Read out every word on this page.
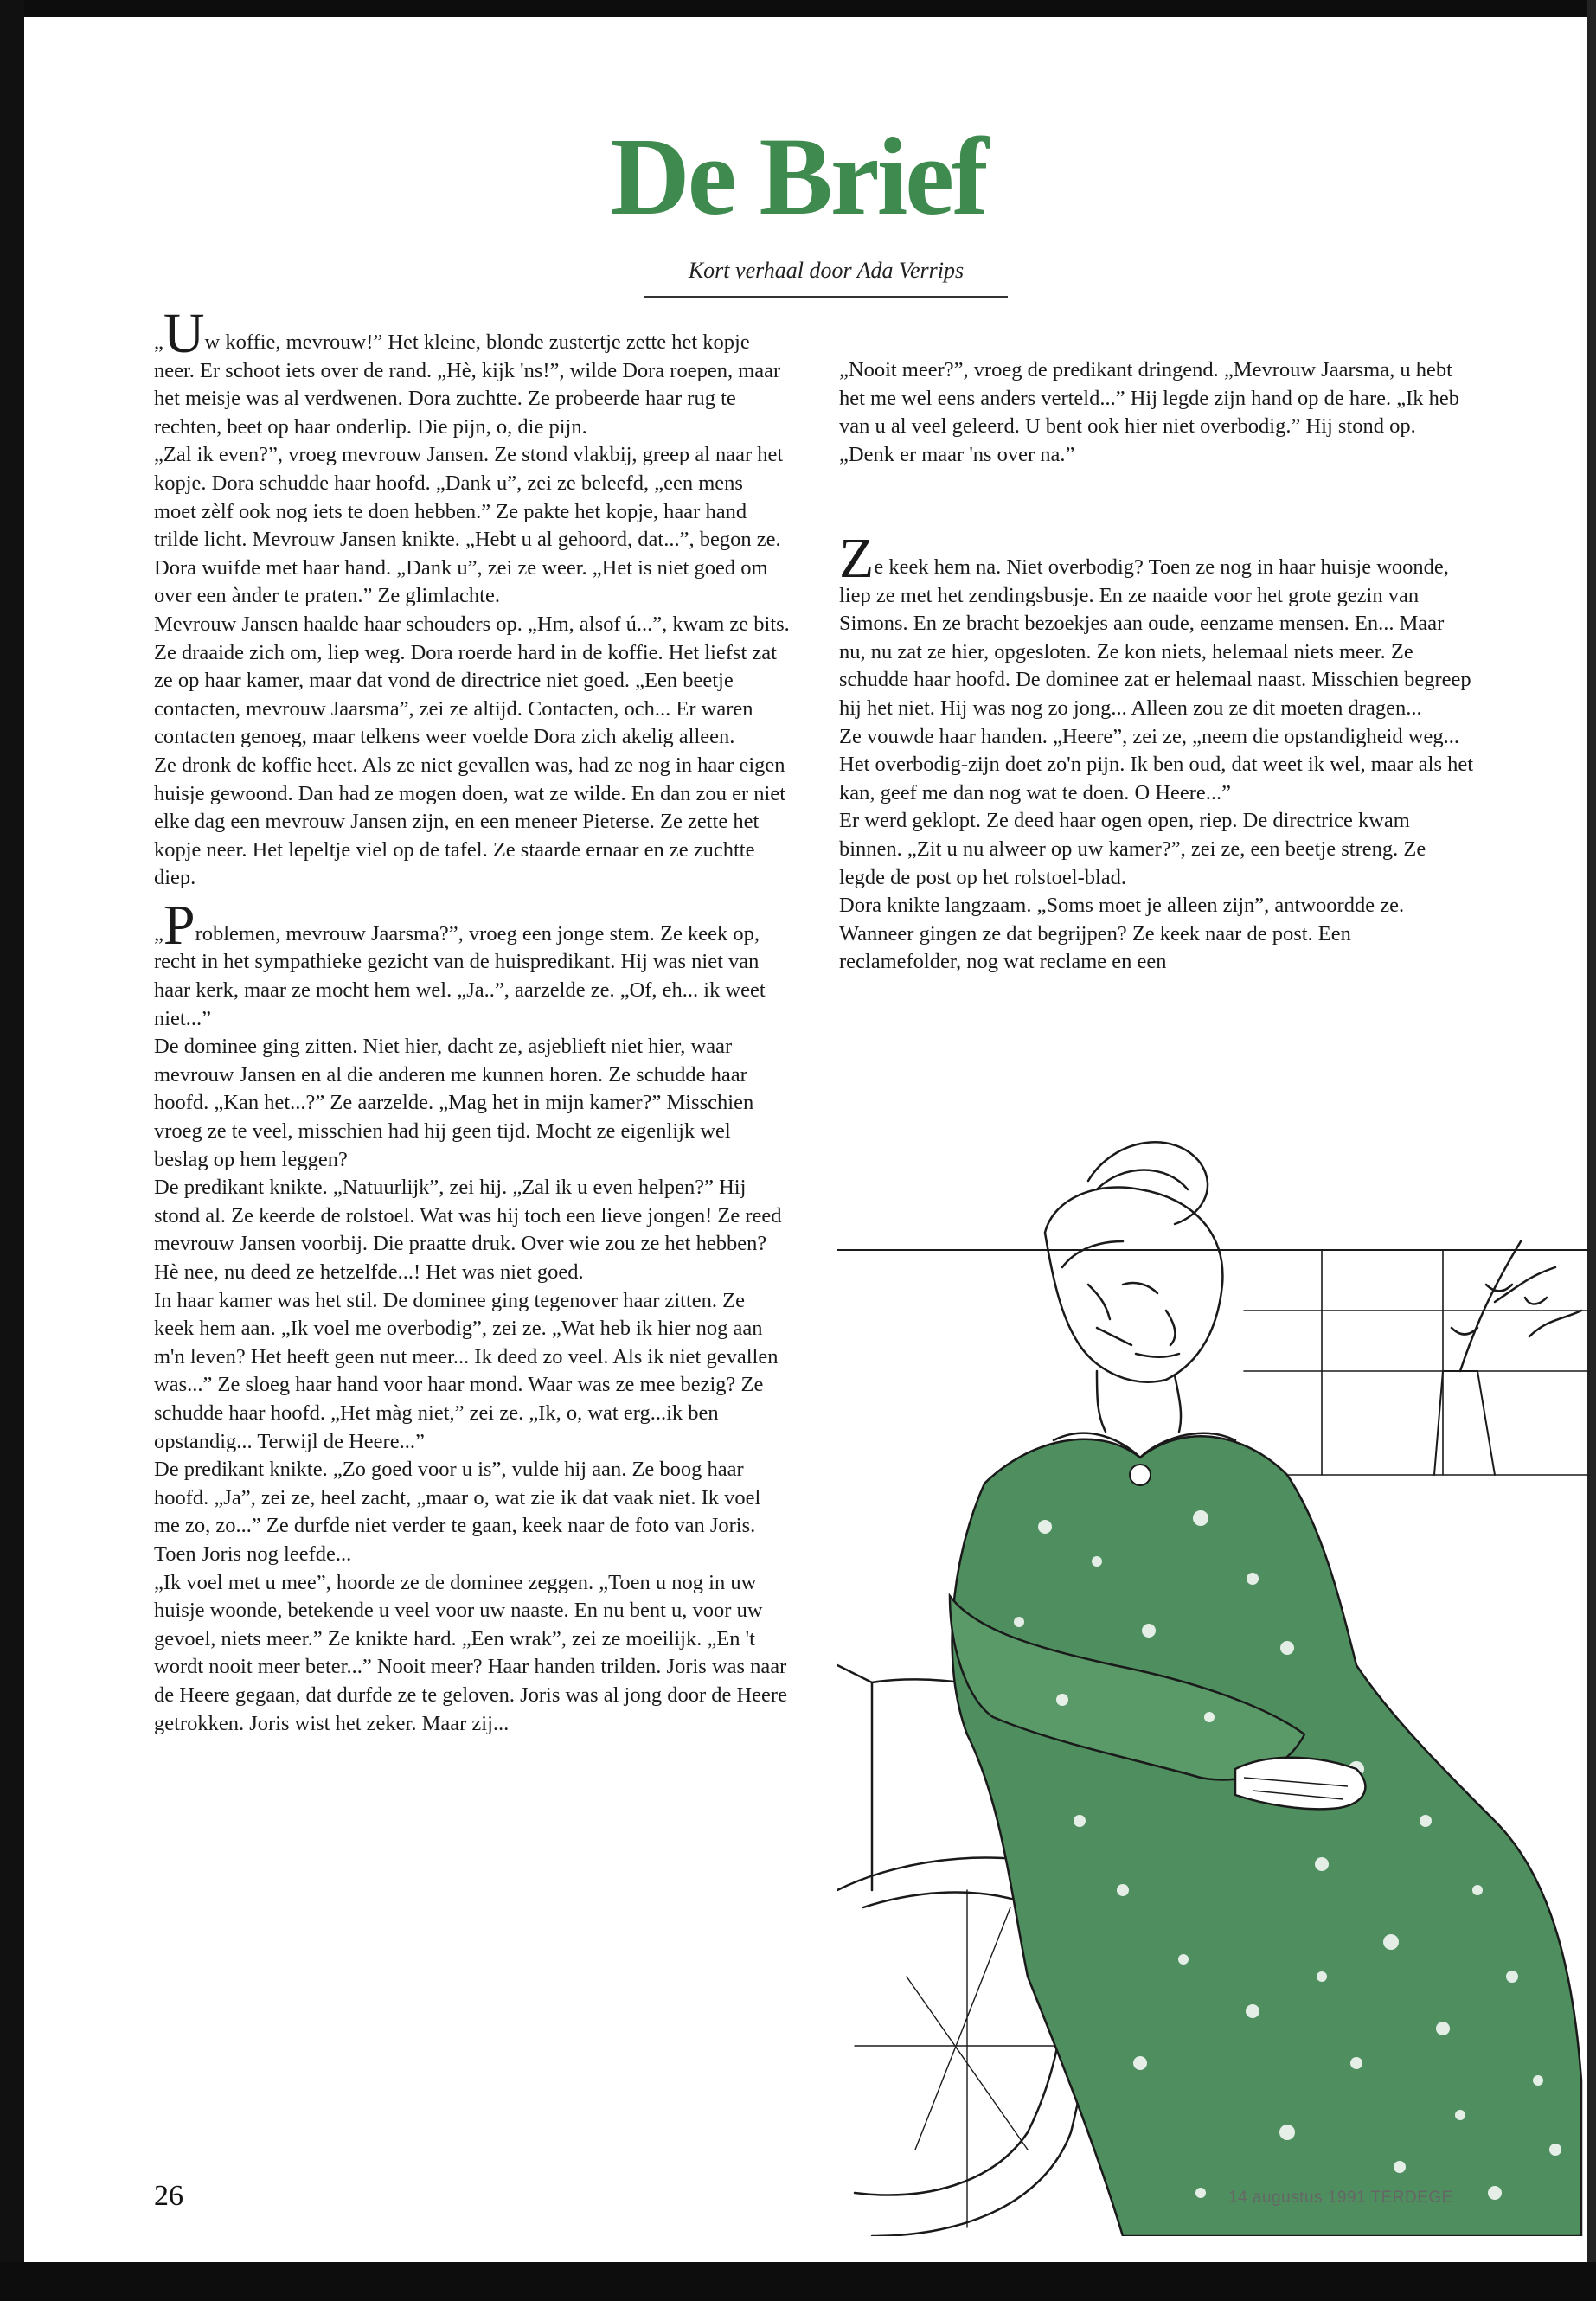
De Brief
Kort verhaal door Ada Verrips

„Uw koffie, mevrouw!” Het kleine, blonde zustertje zette het kopje neer. Er schoot iets over de rand. „Hè, kijk 'ns!”, wilde Dora roepen, maar het meisje was al verdwenen. Dora zuchtte. Ze probeerde haar rug te rechten, beet op haar onderlip. Die pijn, o, die pijn.

„Zal ik even?”, vroeg mevrouw Jansen. Ze stond vlakbij, greep al naar het kopje. Dora schudde haar hoofd. „Dank u”, zei ze beleefd, „een mens moet zèlf ook nog iets te doen hebben.” Ze pakte het kopje, haar hand trilde licht. Mevrouw Jansen knikte. „Hebt u al gehoord, dat...”, begon ze. Dora wuifde met haar hand. „Dank u”, zei ze weer. „Het is niet goed om over een ànder te praten.” Ze glimlachte.

Mevrouw Jansen haalde haar schouders op. „Hm, alsof ú...”, kwam ze bits. Ze draaide zich om, liep weg. Dora roerde hard in de koffie. Het liefst zat ze op haar kamer, maar dat vond de directrice niet goed. „Een beetje contacten, mevrouw Jaarsma”, zei ze altijd. Contacten, och... Er waren contacten genoeg, maar telkens weer voelde Dora zich akelig alleen.

Ze dronk de koffie heet. Als ze niet gevallen was, had ze nog in haar eigen huisje gewoond. Dan had ze mogen doen, wat ze wilde. En dan zou er niet elke dag een mevrouw Jansen zijn, en een meneer Pieterse. Ze zette het kopje neer. Het lepeltje viel op de tafel. Ze staarde ernaar en ze zuchtte diep.

„Problemen, mevrouw Jaarsma?”, vroeg een jonge stem. Ze keek op, recht in het sympathieke gezicht van de huispredikant. Hij was niet van haar kerk, maar ze mocht hem wel. „Ja..”, aarzelde ze. „Of, eh... ik weet niet...”

De dominee ging zitten. Niet hier, dacht ze, asjeblieft niet hier, waar mevrouw Jansen en al die anderen me kunnen horen. Ze schudde haar hoofd. „Kan het...?” Ze aarzelde. „Mag het in mijn kamer?” Misschien vroeg ze te veel, misschien had hij geen tijd. Mocht ze eigenlijk wel beslag op hem leggen?

De predikant knikte. „Natuurlijk”, zei hij. „Zal ik u even helpen?” Hij stond al. Ze keerde de rolstoel. Wat was hij toch een lieve jongen! Ze reed mevrouw Jansen voorbij. Die praatte druk. Over wie zou ze het hebben? Hè nee, nu deed ze hetzelfde...! Het was niet goed.

In haar kamer was het stil. De dominee ging tegenover haar zitten. Ze keek hem aan. „Ik voel me overbodig”, zei ze. „Wat heb ik hier nog aan m'n leven? Het heeft geen nut meer... Ik deed zo veel. Als ik niet gevallen was...” Ze sloeg haar hand voor haar mond. Waar was ze mee bezig? Ze schudde haar hoofd. „Het màg niet,” zei ze. „Ik, o, wat erg...ik ben opstandig... Terwijl de Heere...”

De predikant knikte. „Zo goed voor u is”, vulde hij aan. Ze boog haar hoofd. „Ja”, zei ze, heel zacht, „maar o, wat zie ik dat vaak niet. Ik voel me zo, zo...” Ze durfde niet verder te gaan, keek naar de foto van Joris. Toen Joris nog leefde...

„Ik voel met u mee”, hoorde ze de dominee zeggen. „Toen u nog in uw huisje woonde, betekende u veel voor uw naaste. En nu bent u, voor uw gevoel, niets meer.” Ze knikte hard. „Een wrak”, zei ze moeilijk. „En 't wordt nooit meer beter...” Nooit meer? Haar handen trilden. Joris was naar de Heere gegaan, dat durfde ze te geloven. Joris was al jong door de Heere getrokken. Joris wist het zeker. Maar zij...

„Nooit meer?”, vroeg de predikant dringend. „Mevrouw Jaarsma, u hebt het me wel eens anders verteld...” Hij legde zijn hand op de hare. „Ik heb van u al veel geleerd. U bent ook hier niet overbodig.” Hij stond op. „Denk er maar 'ns over na.”

Ze keek hem na. Niet overbodig? Toen ze nog in haar huisje woonde, liep ze met het zendingsbusje. En ze naaide voor het grote gezin van Simons. En ze bracht bezoekjes aan oude, eenzame mensen. En... Maar nu, nu zat ze hier, opgesloten. Ze kon niets, helemaal niets meer. Ze schudde haar hoofd. De dominee zat er helemaal naast. Misschien begreep hij het niet. Hij was nog zo jong... Alleen zou ze dit moeten dragen...

Ze vouwde haar handen. „Heere”, zei ze, „neem die opstandigheid weg... Het overbodig-zijn doet zo'n pijn. Ik ben oud, dat weet ik wel, maar als het kan, geef me dan nog wat te doen. O Heere...”

Er werd geklopt. Ze deed haar ogen open, riep. De directrice kwam binnen. „Zit u nu alweer op uw kamer?”, zei ze, een beetje streng. Ze legde de post op het rolstoel-blad.

Dora knikte langzaam. „Soms moet je alleen zijn”, antwoordde ze. Wanneer gingen ze dat begrijpen? Ze keek naar de post. Een reclamefolder, nog wat reclame en een

26	14 augustus 1991 TERDEGE
